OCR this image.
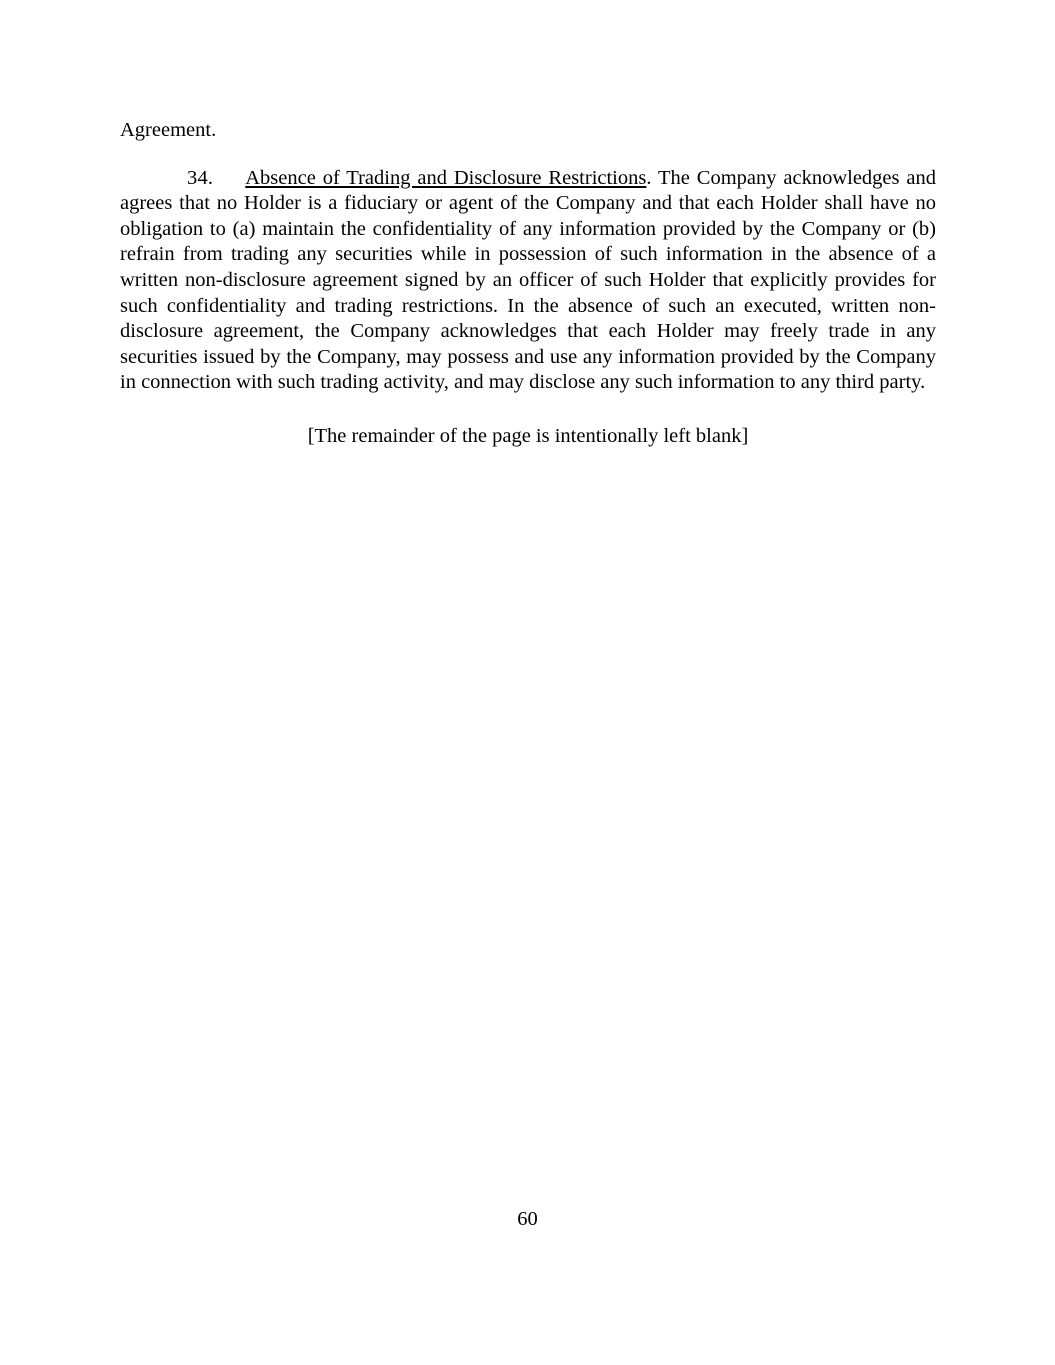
Agreement.

34. Absence of Trading and Disclosure Restrictions. The Company acknowledges and agrees that no Holder is a fiduciary or agent of the Company and that each Holder shall have no obligation to (a) maintain the confidentiality of any information provided by the Company or (b) refrain from trading any securities while in possession of such information in the absence of a written non-disclosure agreement signed by an officer of such Holder that explicitly provides for such confidentiality and trading restrictions. In the absence of such an executed, written non-disclosure agreement, the Company acknowledges that each Holder may freely trade in any securities issued by the Company, may possess and use any information provided by the Company in connection with such trading activity, and may disclose any such information to any third party.

[The remainder of the page is intentionally left blank]

60
